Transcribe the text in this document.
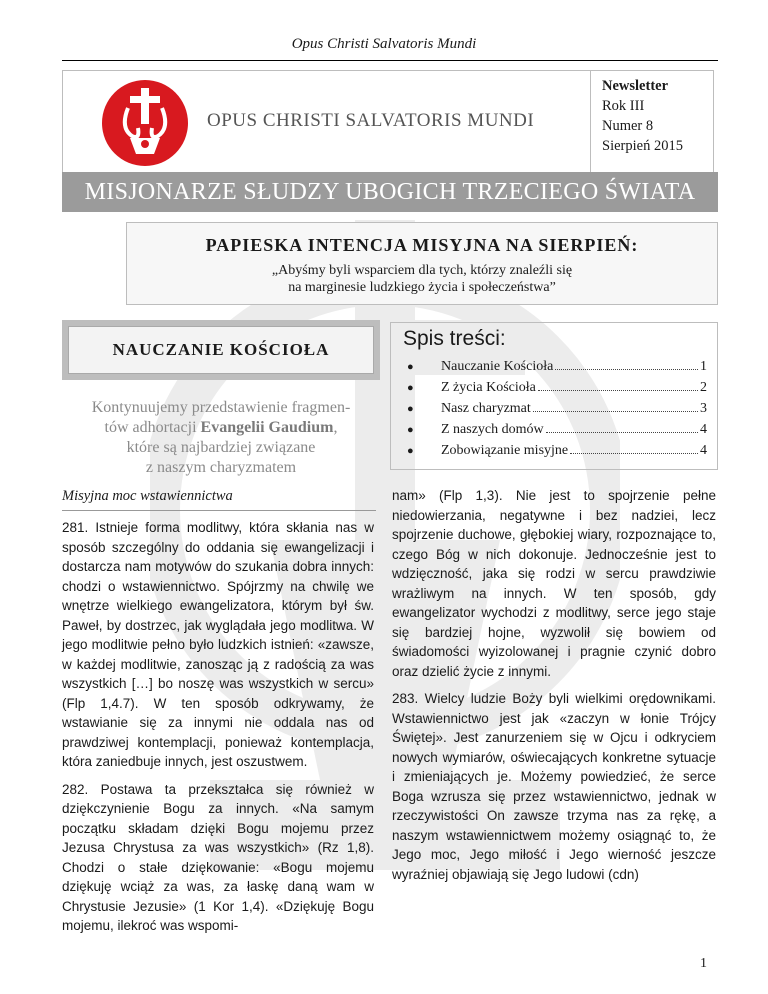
Opus Christi Salvatoris Mundi
OPUS CHRISTI SALVATORIS MUNDI
Newsletter
Rok III
Numer 8
Sierpień 2015
MISJONARZE SŁUDZY UBOGICH TRZECIEGO ŚWIATA
PAPIESKA INTENCJA MISYJNA NA SIERPIEŃ:
„Abyśmy byli wsparciem dla tych, którzy znaleźli się
na marginesie ludzkiego życia i społeczeństwa”
NAUCZANIE KOŚCIOŁA
Kontynuujemy przedstawienie fragmen-
tów adhortacji Evangelii Gaudium,
które są najbardziej związane
z naszym charyzmatem
Spis treści:
●	Nauczanie Kościoła	1
●	Z życia Kościoła	2
●	Nasz charyzmat	3
●	Z naszych domów	4
●	Zobowiązanie misyjne	4
Misyjna moc wstawiennictwa

281. Istnieje forma modlitwy, która skłania nas w sposób szczególny do oddania się ewangelizacji i dostarcza nam motywów do szukania dobra innych: chodzi o wstawiennictwo. Spójrzmy na chwilę we wnętrze wielkiego ewangelizatora, którym był św. Paweł, by dostrzec, jak wyglądała jego modlitwa. W jego modlitwie pełno było ludzkich istnień: «zawsze, w każdej modlitwie, zanosząc ją z radością za was wszystkich […] bo noszę was wszystkich w sercu» (Flp 1,4.7). W ten sposób odkrywamy, że wstawianie się za innymi nie oddala nas od prawdziwej kontemplacji, ponieważ kontemplacja, która zaniedbuje innych, jest oszustwem.

282. Postawa ta przekształca się również w dziękczynienie Bogu za innych. «Na samym początku składam dzięki Bogu mojemu przez Jezusa Chrystusa za was wszystkich» (Rz 1,8). Chodzi o stałe dziękowanie: «Bogu mojemu dziękuję wciąż za was, za łaskę daną wam w Chrystusie Jezusie» (1 Kor 1,4). «Dziękuję Bogu mojemu, ilekroć was wspomi-

nam» (Flp 1,3). Nie jest to spojrzenie pełne niedowierzania, negatywne i bez nadziei, lecz spojrzenie duchowe, głębokiej wiary, rozpoznające to, czego Bóg w nich dokonuje. Jednocześnie jest to wdzięczność, jaka się rodzi w sercu prawdziwie wrażliwym na innych. W ten sposób, gdy ewangelizator wychodzi z modlitwy, serce jego staje się bardziej hojne, wyzwolił się bowiem od świadomości wyizolowanej i pragnie czynić dobro oraz dzielić życie z innymi.

283. Wielcy ludzie Boży byli wielkimi orędownikami. Wstawiennictwo jest jak «zaczyn w łonie Trójcy Świętej». Jest zanurzeniem się w Ojcu i odkryciem nowych wymiarów, oświecających konkretne sytuacje i zmieniających je. Możemy powiedzieć, że serce Boga wzrusza się przez wstawiennictwo, jednak w rzeczywistości On zawsze trzyma nas za rękę, a naszym wstawiennictwem możemy osiągnąć to, że Jego moc, Jego miłość i Jego wierność jeszcze wyraźniej objawiają się Jego ludowi (cdn)

1
